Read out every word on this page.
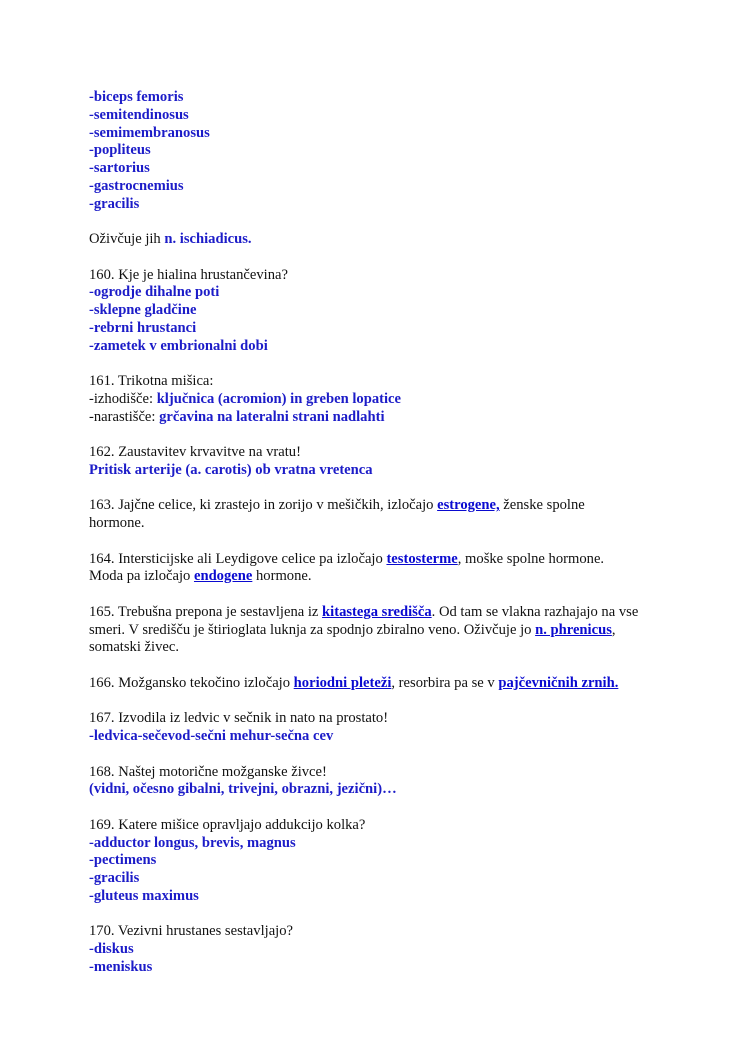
-biceps femoris
-semitendinosus
-semimembranosus
-popliteus
-sartorius
-gastrocnemius
-gracilis
Oživčuje jih n. ischiadicus.
160. Kje je hialina hrustančevina?
-ogrodje dihalne poti
-sklepne gladčine
-rebrni hrustanci
-zametek v embrionalni dobi
161. Trikotna mišica:
-izhodišče: ključnica (acromion) in greben lopatice
-narastišče: grčavina na lateralni strani nadlahti
162. Zaustavitev krvavitve na vratu!
Pritisk arterije (a. carotis) ob vratna vretenca
163. Jajčne celice, ki zrastejo in zorijo v mešičkih, izločajo estrogene, ženske spolne
hormone.
164. Intersticijske ali Leydigove celice pa izločajo testosterme, moške spolne hormone.
Moda pa izločajo endogene hormone.
165. Trebušna prepona je sestavljena iz kitastega središča. Od tam se vlakna razhajajo na vse
smeri. V središču je štirioglata luknja za spodnjo zbiralno veno. Oživčuje jo n. phrenicus,
somatski živec.
166. Možgansko tekočino izločajo horiodni pleteži, resorbira pa se v pajčevničnih zrnih.
167. Izvodila iz ledvic v sečnik in nato na prostato!
-ledvica-sečevod-sečni mehur-sečna cev
168. Naštej motorične možganske živce!
(vidni, očesno gibalni, trivejni, obrazni, jezični)…
169. Katere mišice opravljajo addukcijo kolka?
-adductor longus, brevis, magnus
-pectimens
-gracilis
-gluteus maximus
170. Vezivni hrustanes sestavljajo?
-diskus
-meniskus
